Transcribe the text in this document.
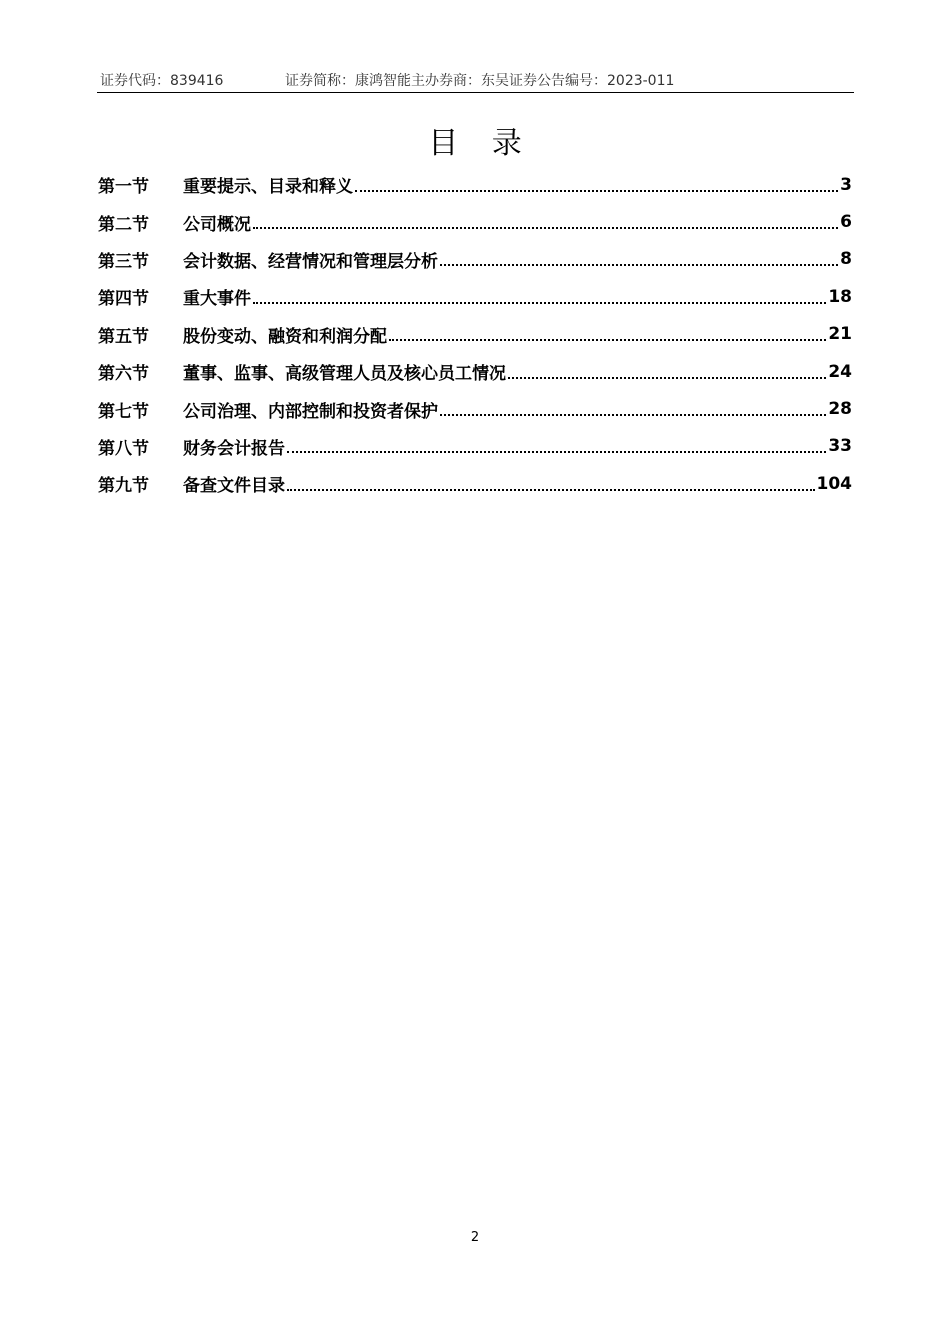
证券代码：839416	证券简称：康鸿智能主办券商：东吴证券公告编号：2023-011
目 录
第一节	重要提示、目录和释义	3
第二节	公司概况	6
第三节	会计数据、经营情况和管理层分析	8
第四节	重大事件	18
第五节	股份变动、融资和利润分配	21
第六节	董事、监事、高级管理人员及核心员工情况	24
第七节	公司治理、内部控制和投资者保护	28
第八节	财务会计报告	33
第九节	备查文件目录	104
2
